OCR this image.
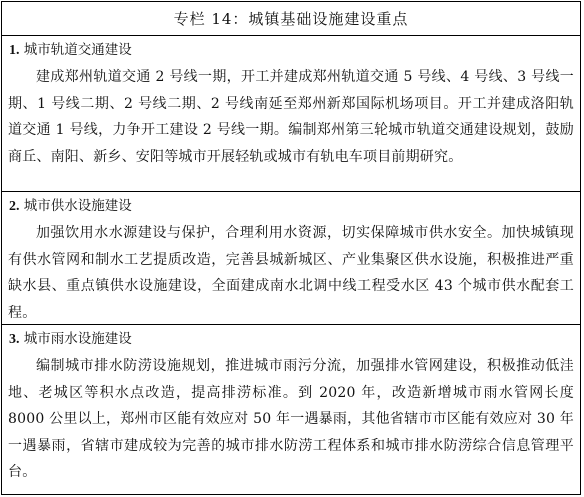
专栏 14：城镇基础设施建设重点
1. 城市轨道交通建设
建成郑州轨道交通 2 号线一期，开工并建成郑州轨道交通 5 号线、4 号线、3 号线一期、1 号线二期、2 号线二期、2 号线南延至郑州新郑国际机场项目。开工并建成洛阳轨道交通 1 号线，力争开工建设 2 号线一期。编制郑州第三轮城市轨道交通建设规划，鼓励商丘、南阳、新乡、安阳等城市开展轻轨或城市有轨电车项目前期研究。
2. 城市供水设施建设
加强饮用水水源建设与保护，合理利用水资源，切实保障城市供水安全。加快城镇现有供水管网和制水工艺提质改造，完善县城新城区、产业集聚区供水设施，积极推进严重缺水县、重点镇供水设施建设，全面建成南水北调中线工程受水区 43 个城市供水配套工程。
3. 城市雨水设施建设
编制城市排水防涝设施规划，推进城市雨污分流，加强排水管网建设，积极推动低洼地、老城区等积水点改造，提高排涝标准。到 2020 年，改造新增城市雨水管网长度 8000 公里以上，郑州市区能有效应对 50 年一遇暴雨，其他省辖市市区能有效应对 30 年一遇暴雨，省辖市建成较为完善的城市排水防涝工程体系和城市排水防涝综合信息管理平台。
